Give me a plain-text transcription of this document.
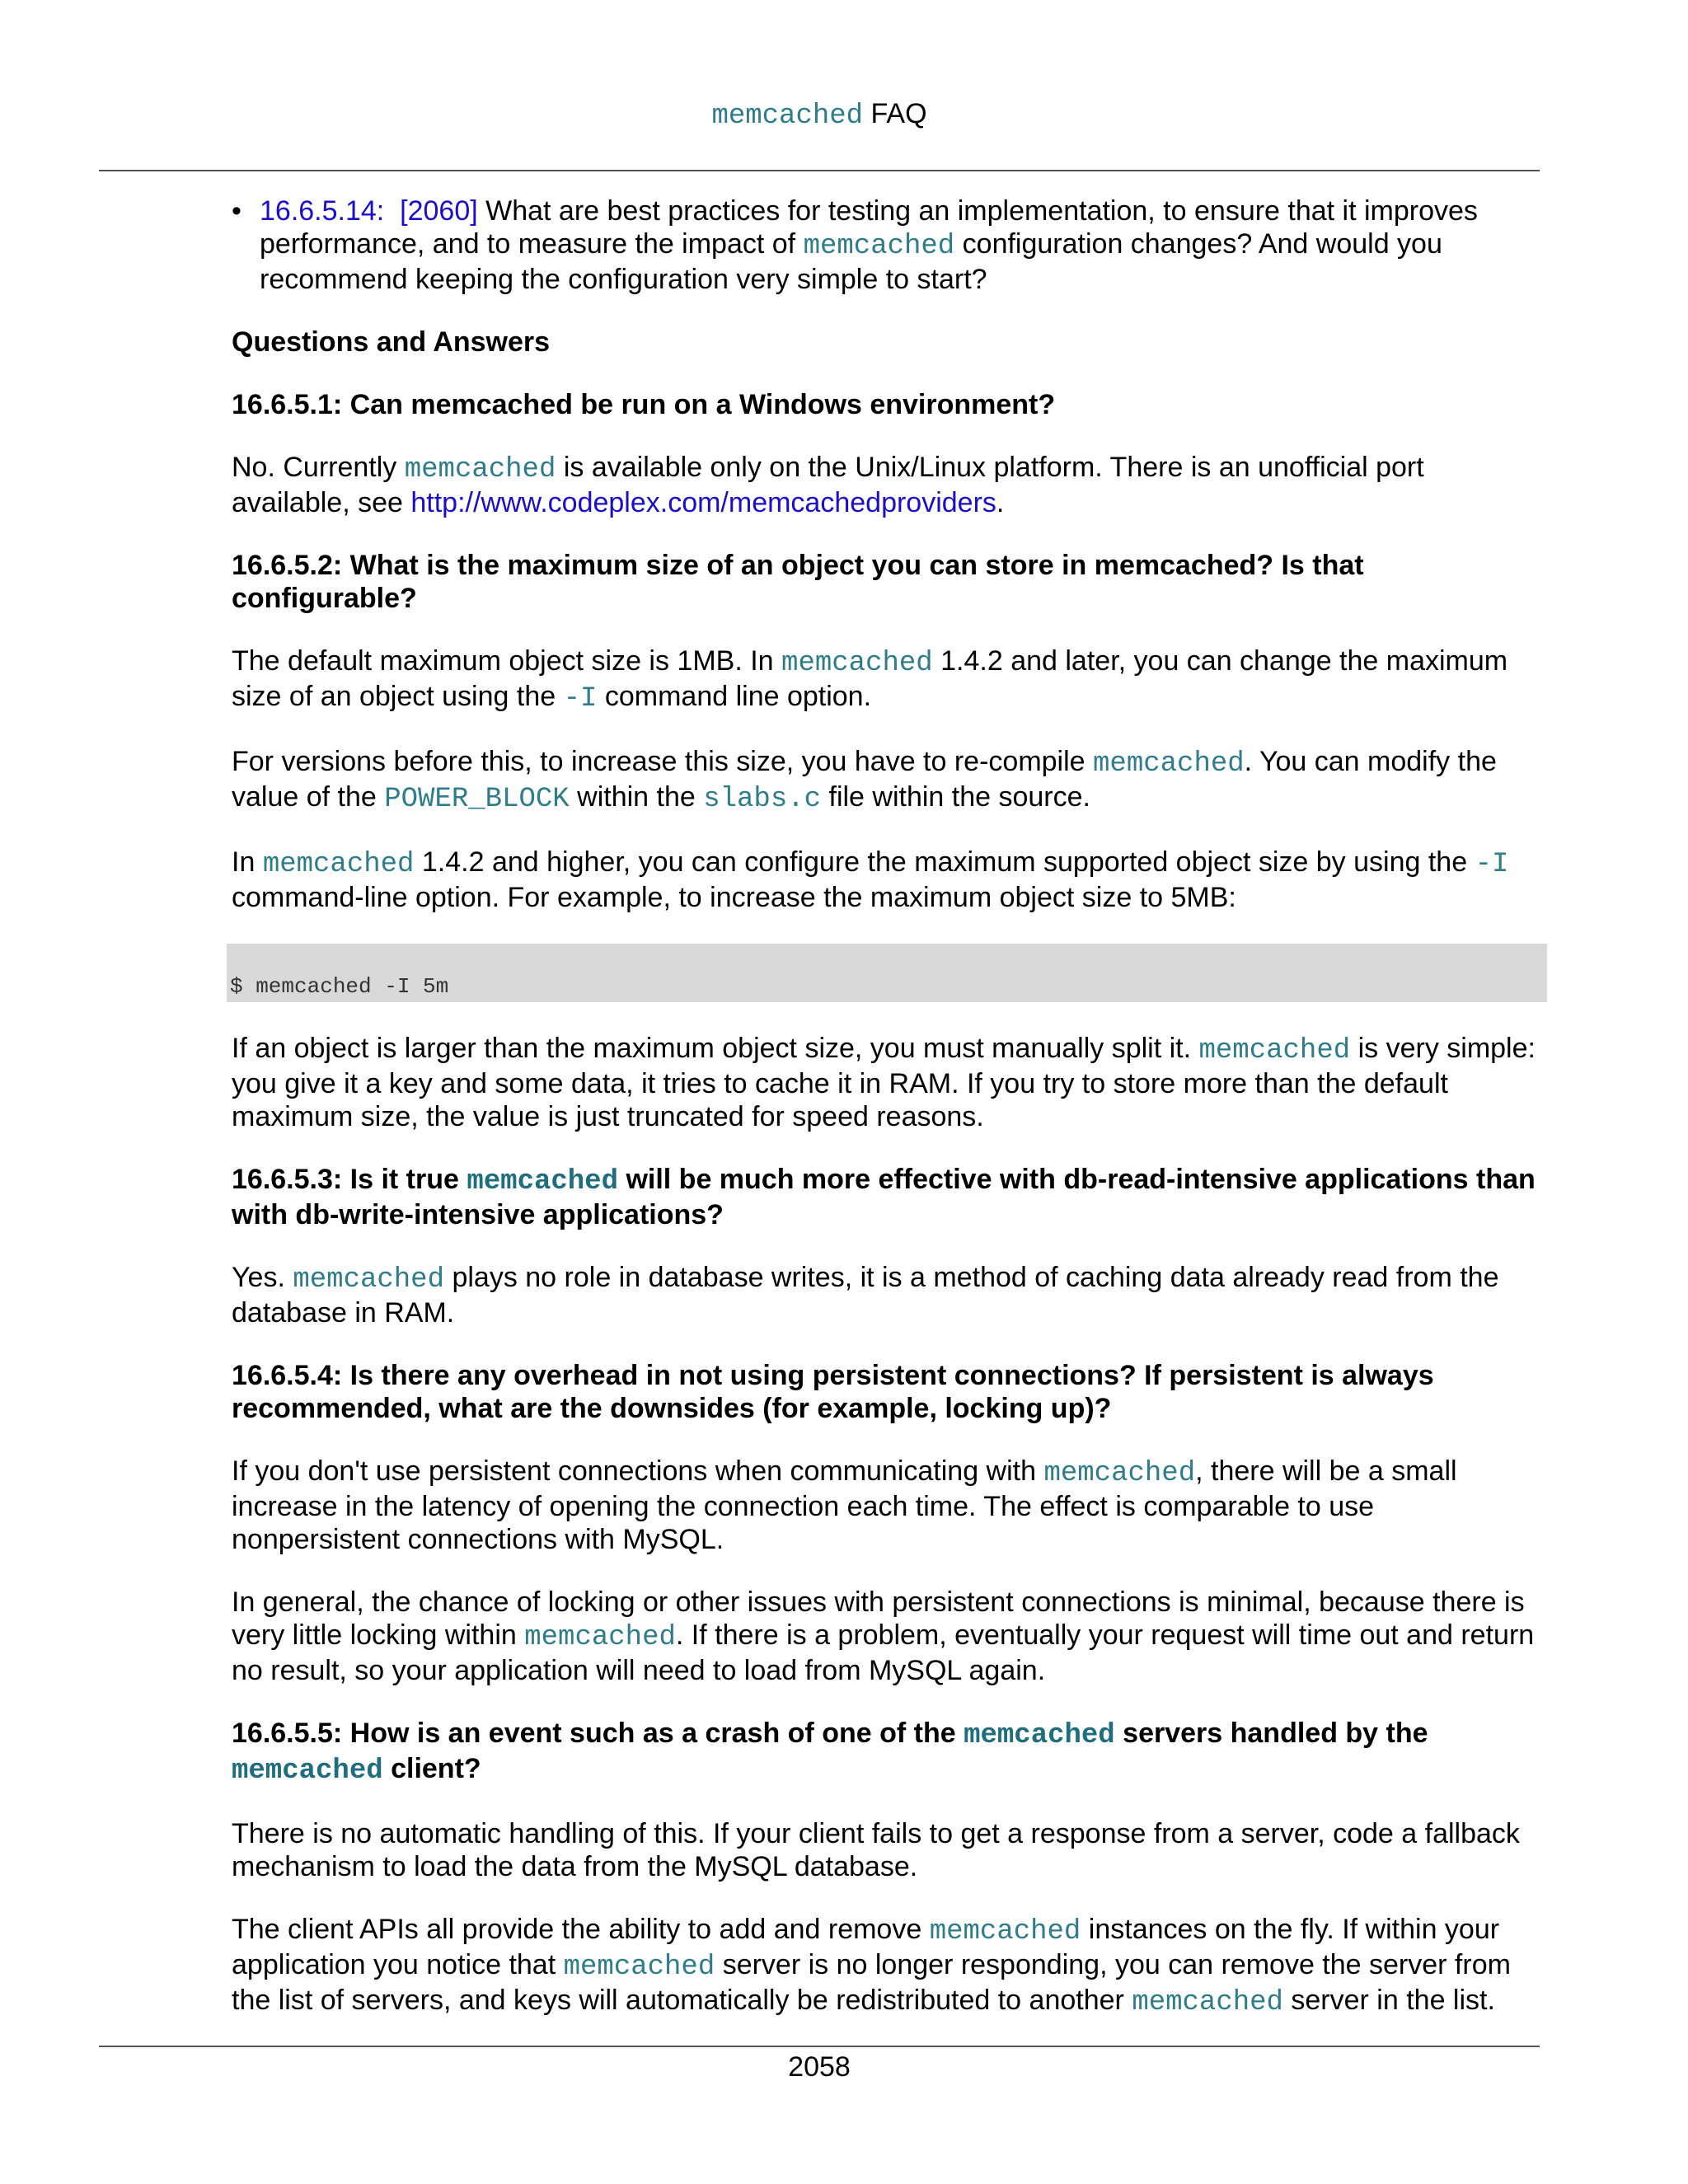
memcached FAQ
• 16.6.5.14: [2060] What are best practices for testing an implementation, to ensure that it improves performance, and to measure the impact of memcached configuration changes? And would you recommend keeping the configuration very simple to start?
Questions and Answers
16.6.5.1: Can memcached be run on a Windows environment?

No. Currently memcached is available only on the Unix/Linux platform. There is an unofficial port available, see http://www.codeplex.com/memcachedproviders.

16.6.5.2: What is the maximum size of an object you can store in memcached? Is that configurable?

The default maximum object size is 1MB. In memcached 1.4.2 and later, you can change the maximum size of an object using the -I command line option.

For versions before this, to increase this size, you have to re-compile memcached. You can modify the value of the POWER_BLOCK within the slabs.c file within the source.

In memcached 1.4.2 and higher, you can configure the maximum supported object size by using the -I command-line option. For example, to increase the maximum object size to 5MB:

$ memcached -I 5m

If an object is larger than the maximum object size, you must manually split it. memcached is very simple: you give it a key and some data, it tries to cache it in RAM. If you try to store more than the default maximum size, the value is just truncated for speed reasons.

16.6.5.3: Is it true memcached will be much more effective with db-read-intensive applications than with db-write-intensive applications?

Yes. memcached plays no role in database writes, it is a method of caching data already read from the database in RAM.

16.6.5.4: Is there any overhead in not using persistent connections? If persistent is always recommended, what are the downsides (for example, locking up)?

If you don't use persistent connections when communicating with memcached, there will be a small increase in the latency of opening the connection each time. The effect is comparable to use nonpersistent connections with MySQL.

In general, the chance of locking or other issues with persistent connections is minimal, because there is very little locking within memcached. If there is a problem, eventually your request will time out and return no result, so your application will need to load from MySQL again.

16.6.5.5: How is an event such as a crash of one of the memcached servers handled by the memcached client?

There is no automatic handling of this. If your client fails to get a response from a server, code a fallback mechanism to load the data from the MySQL database.

The client APIs all provide the ability to add and remove memcached instances on the fly. If within your application you notice that memcached server is no longer responding, you can remove the server from the list of servers, and keys will automatically be redistributed to another memcached server in the list.

2058
